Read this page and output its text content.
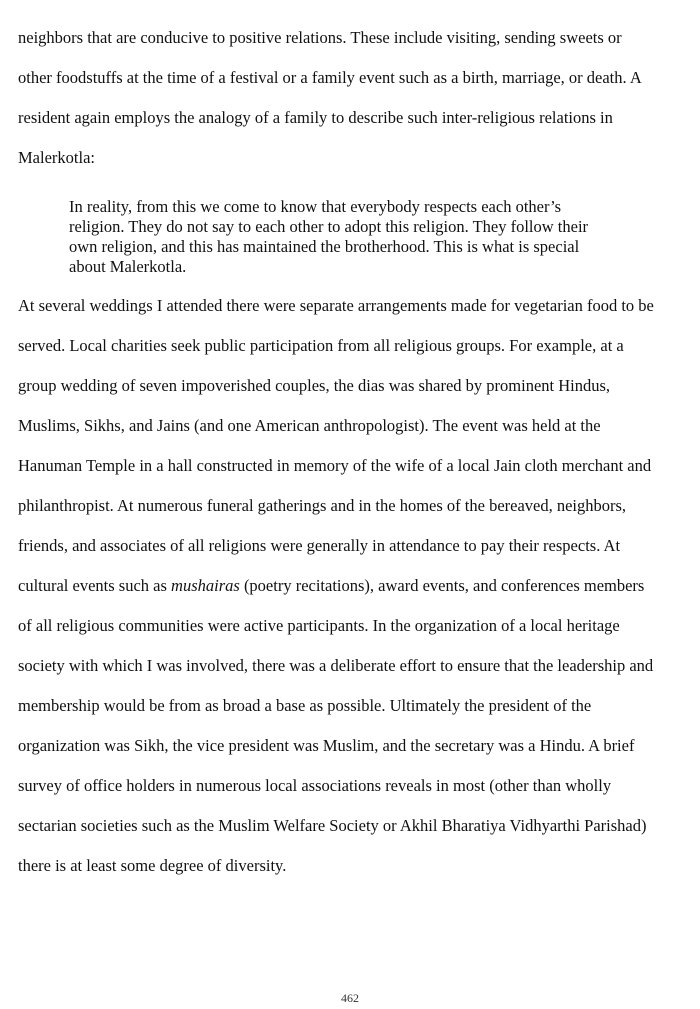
neighbors that are conducive to positive relations. These include visiting, sending sweets or
other foodstuffs at the time of a festival or a family event such as a birth, marriage, or death. A
resident again employs the analogy of a family to describe such inter-religious relations in
Malerkotla:
In reality, from this we come to know that everybody respects each other’s
religion. They do not say to each other to adopt this religion. They follow their
own religion, and this has maintained the brotherhood. This is what is special
about Malerkotla.
At several weddings I attended there were separate arrangements made for vegetarian food to be
served. Local charities seek public participation from all religious groups. For example, at a
group wedding of seven impoverished couples, the dias was shared by prominent Hindus,
Muslims, Sikhs, and Jains (and one American anthropologist). The event was held at the
Hanuman Temple in a hall constructed in memory of the wife of a local Jain cloth merchant and
philanthropist. At numerous funeral gatherings and in the homes of the bereaved, neighbors,
friends, and associates of all religions were generally in attendance to pay their respects. At
cultural events such as mushairas (poetry recitations), award events, and conferences members
of all religious communities were active participants. In the organization of a local heritage
society with which I was involved, there was a deliberate effort to ensure that the leadership and
membership would be from as broad a base as possible. Ultimately the president of the
organization was Sikh, the vice president was Muslim, and the secretary was a Hindu. A brief
survey of office holders in numerous local associations reveals in most (other than wholly
sectarian societies such as the Muslim Welfare Society or Akhil Bharatiya Vidhyarthi Parishad)
there is at least some degree of diversity.
462
